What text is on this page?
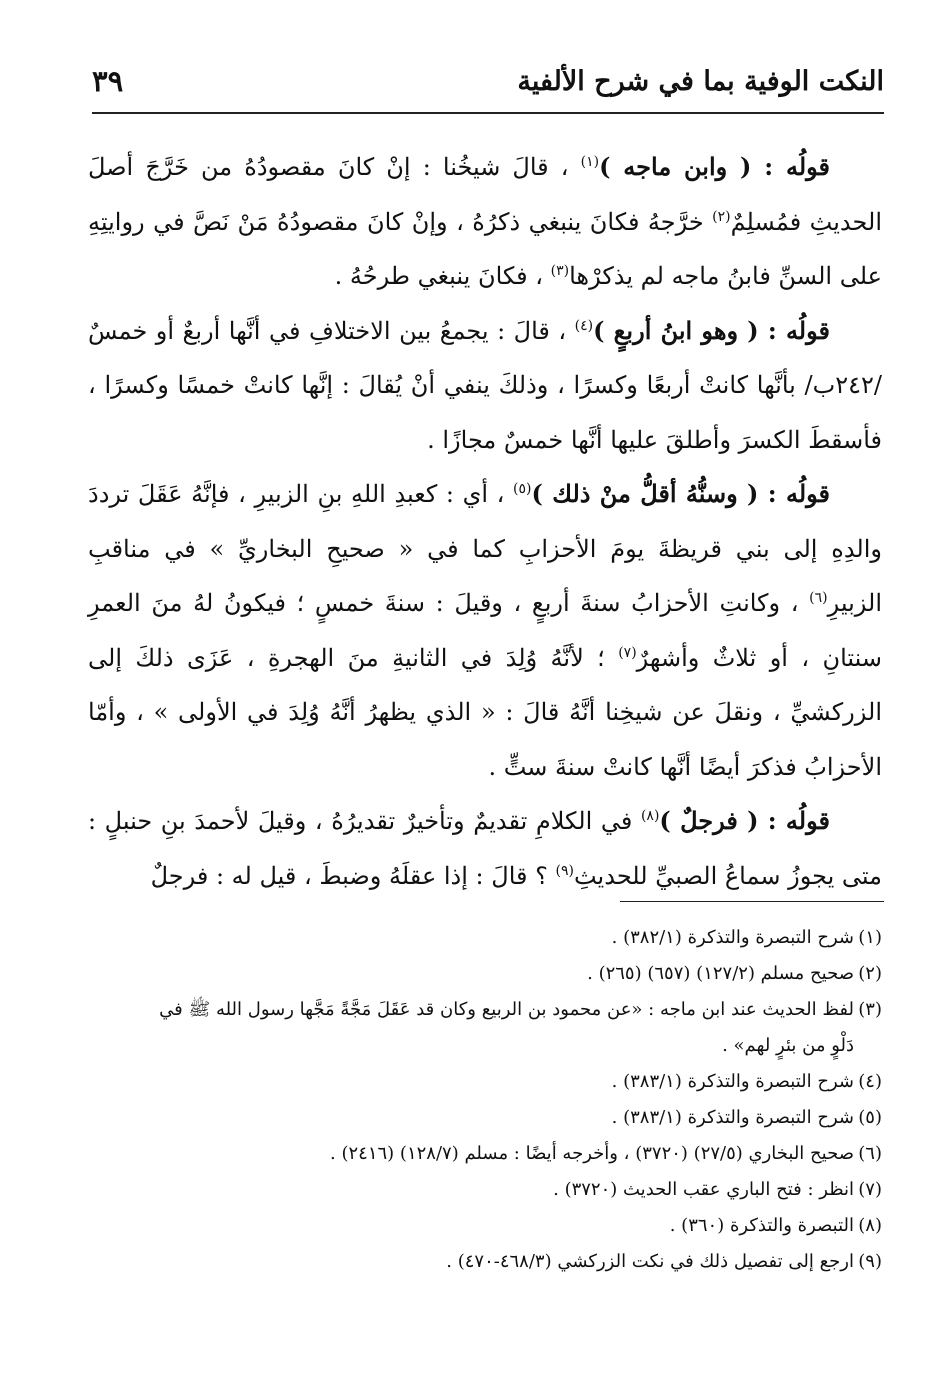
النكت الوفية بما في شرح الألفية
٣٩

قولُه : ( وابن ماجه )$^{(١)}$ ، قالَ شيخُنا : إنْ كانَ مقصودُهُ من خَرَّجَ أصلَ الحديثِ فمُسلِمٌ$^{(٢)}$ خرَّجهُ فكانَ ينبغي ذكرُهُ ، وإنْ كانَ مقصودُهُ مَنْ نَصَّ في روايتِهِ على السنِّ فابنُ ماجه لم يذكرْها$^{(٣)}$ ، فكانَ ينبغي طرحُهُ .

قولُه : ( وهو ابنُ أربعٍ )$^{(٤)}$ ، قالَ : يجمعُ بين الاختلافِ في أنَّها أربعٌ أو خمسٌ /٢٤٢ب/ بأنَّها كانتْ أربعًا وكسرًا ، وذلكَ ينفي أنْ يُقالَ : إنَّها كانتْ خمسًا وكسرًا ، فأسقطَ الكسرَ وأطلقَ عليها أنَّها خمسٌ مجازًا .

قولُه : ( وسنُّهُ أقلُّ منْ ذلك )$^{(٥)}$ ، أي : كعبدِ اللهِ بنِ الزبيرِ ، فإنَّهُ عَقَلَ ترددَ والدِهِ إلى بني قريظةَ يومَ الأحزابِ كما في « صحيحِ البخاريِّ » في مناقبِ الزبيرِ$^{(٦)}$ ، وكانتِ الأحزابُ سنةَ أربعٍ ، وقيلَ : سنةَ خمسٍ ؛ فيكونُ لهُ منَ العمرِ سنتانِ ، أو ثلاثٌ وأشهرٌ$^{(٧)}$ ؛ لأنَّهُ وُلِدَ في الثانيةِ منَ الهجرةِ ، عَزَى ذلكَ إلى الزركشيِّ ، ونقلَ عن شيخِنا أنَّهُ قالَ : « الذي يظهرُ أنَّهُ وُلِدَ في الأولى » ، وأمّا الأحزابُ فذكرَ أيضًا أنَّها كانتْ سنةَ ستٍّ .

قولُه : ( فرجلٌ )$^{(٨)}$ في الكلامِ تقديمٌ وتأخيرٌ تقديرُهُ ، وقيلَ لأحمدَ بنِ حنبلٍ : متى يجوزُ سماعُ الصبيِّ للحديثِ$^{(٩)}$ ؟ قالَ : إذا عقلَهُ وضبطَ ، قيل له : فرجلٌ

(١)شرح التبصرة والتذكرة (٣٨٢/١) .

(٢)صحيح مسلم (١٢٧/٢) (٦٥٧) (٢٦٥) .

(٣)لفظ الحديث عند ابن ماجه : «عن محمود بن الربيع وكان قد عَقَلَ مَجَّةً مَجَّها رسول الله ﷺ في
دَلْوٍ من بئرٍ لهم» .

(٤)شرح التبصرة والتذكرة (٣٨٣/١) .

(٥)شرح التبصرة والتذكرة (٣٨٣/١) .

(٦)صحيح البخاري (٢٧/٥) (٣٧٢٠) ، وأخرجه أيضًا : مسلم (١٢٨/٧) (٢٤١٦) .

(٧)انظر : فتح الباري عقب الحديث (٣٧٢٠) .

(٨)التبصرة والتذكرة (٣٦٠) .

(٩)ارجع إلى تفصيل ذلك في نكت الزركشي (٤٦٨/٣-٤٧٠) .
